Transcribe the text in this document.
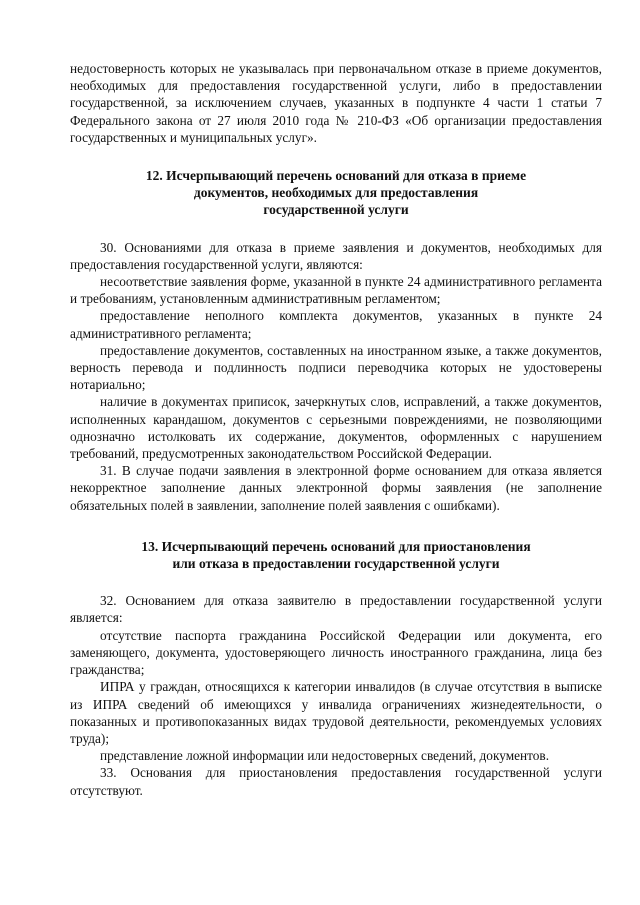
недостоверность которых не указывалась при первоначальном отказе в приеме документов, необходимых для предоставления государственной услуги, либо в предоставлении государственной, за исключением случаев, указанных в подпункте 4 части 1 статьи 7 Федерального закона от 27 июля 2010 года № 210-ФЗ «Об организации предоставления государственных и муниципальных услуг».

12. Исчерпывающий перечень оснований для отказа в приеме
документов, необходимых для предоставления
государственной услуги

30. Основаниями для отказа в приеме заявления и документов, необходимых для предоставления государственной услуги, являются:

несоответствие заявления форме, указанной в пункте 24 административного регламента и требованиям, установленным административным регламентом;

предоставление неполного комплекта документов, указанных в пункте 24 административного регламента;

предоставление документов, составленных на иностранном языке, а также документов, верность перевода и подлинность подписи переводчика которых не удостоверены нотариально;

наличие в документах приписок, зачеркнутых слов, исправлений, а также документов, исполненных карандашом, документов с серьезными повреждениями, не позволяющими однозначно истолковать их содержание, документов, оформленных с нарушением требований, предусмотренных законодательством Российской Федерации.

31. В случае подачи заявления в электронной форме основанием для отказа является некорректное заполнение данных электронной формы заявления (не заполнение обязательных полей в заявлении, заполнение полей заявления с ошибками).

13. Исчерпывающий перечень оснований для приостановления
или отказа в предоставлении государственной услуги

32. Основанием для отказа заявителю в предоставлении государственной услуги является:

отсутствие паспорта гражданина Российской Федерации или документа, его заменяющего, документа, удостоверяющего личность иностранного гражданина, лица без гражданства;

ИПРА у граждан, относящихся к категории инвалидов (в случае отсутствия в выписке из ИПРА сведений об имеющихся у инвалида ограничениях жизнедеятельности, о показанных и противопоказанных видах трудовой деятельности, рекомендуемых условиях труда);

представление ложной информации или недостоверных сведений, документов.

33. Основания для приостановления предоставления государственной услуги отсутствуют.
